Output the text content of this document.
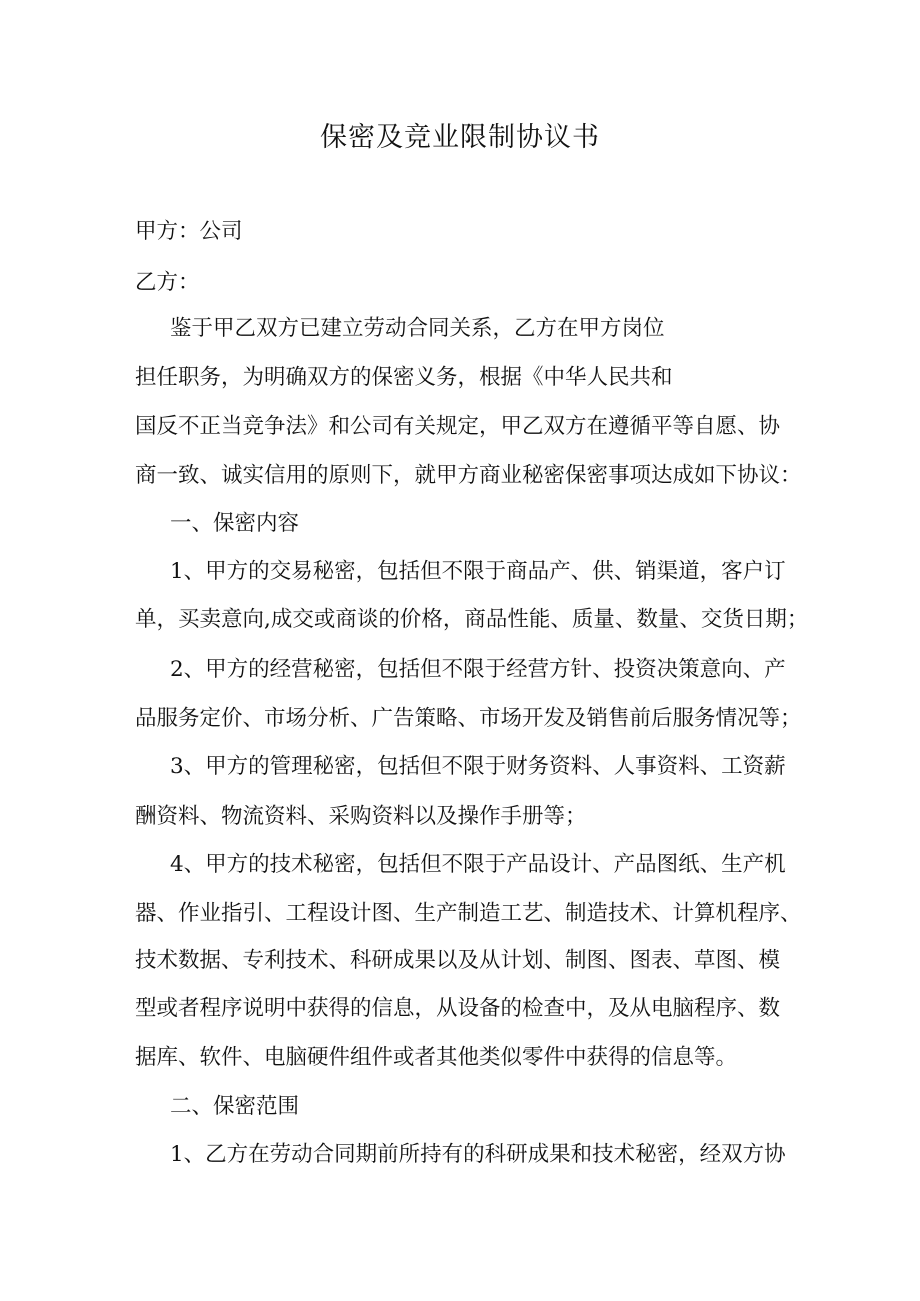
保密及竞业限制协议书
甲方：公司
乙方：
鉴于甲乙双方已建立劳动合同关系，乙方在甲方岗位
担任职务，为明确双方的保密义务，根据《中华人民共和
国反不正当竞争法》和公司有关规定，甲乙双方在遵循平等自愿、协
商一致、诚实信用的原则下，就甲方商业秘密保密事项达成如下协议：
一、保密内容
1、甲方的交易秘密，包括但不限于商品产、供、销渠道，客户订
单，买卖意向,成交或商谈的价格，商品性能、质量、数量、交货日期；
2、甲方的经营秘密，包括但不限于经营方针、投资决策意向、产
品服务定价、市场分析、广告策略、市场开发及销售前后服务情况等；
3、甲方的管理秘密，包括但不限于财务资料、人事资料、工资薪
酬资料、物流资料、采购资料以及操作手册等；
4、甲方的技术秘密，包括但不限于产品设计、产品图纸、生产机
器、作业指引、工程设计图、生产制造工艺、制造技术、计算机程序、
技术数据、专利技术、科研成果以及从计划、制图、图表、草图、模
型或者程序说明中获得的信息，从设备的检查中，及从电脑程序、数
据库、软件、电脑硬件组件或者其他类似零件中获得的信息等。
二、保密范围
1、乙方在劳动合同期前所持有的科研成果和技术秘密，经双方协
